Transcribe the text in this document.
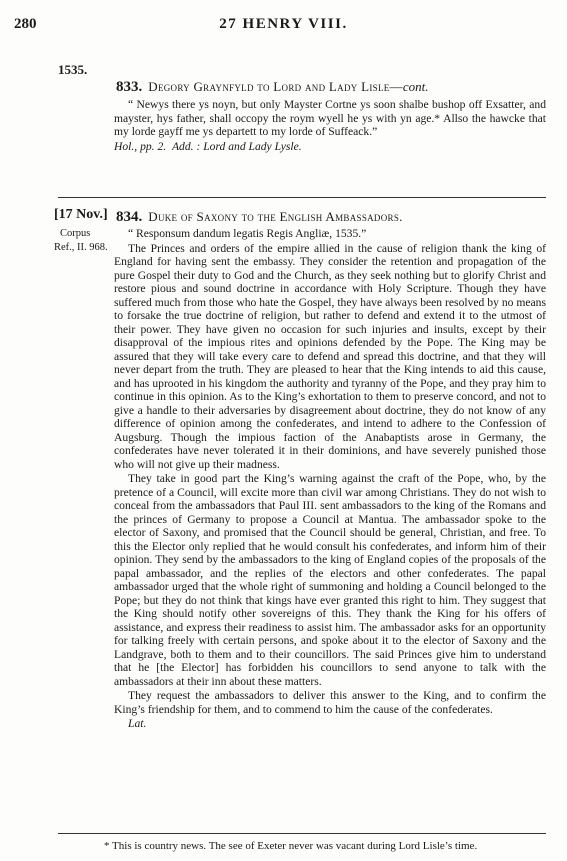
280	27 HENRY VIII.
1535.
833. Degory Graynfyld to Lord and Lady Lisle—cont.

“ Newys there ys noyn, but only Mayster Cortne ys soon shalbe bushop off Exsatter, and mayster, hys father, shall occopy the roym wyell he ys with yn age.* Allso the hawcke that my lorde gayff me ys departett to my lorde of Suffeack.”

Hol., pp. 2. Add. : Lord and Lady Lysle.

[17 Nov.]
Corpus
Ref., II. 968.
834. Duke of Saxony to the English Ambassadors.

“ Responsum dandum legatis Regis Angliæ, 1535.”

The Princes and orders of the empire allied in the cause of religion thank the king of England for having sent the embassy. They consider the retention and propagation of the pure Gospel their duty to God and the Church, as they seek nothing but to glorify Christ and restore pious and sound doctrine in accordance with Holy Scripture. Though they have suffered much from those who hate the Gospel, they have always been resolved by no means to forsake the true doctrine of religion, but rather to defend and extend it to the utmost of their power. They have given no occasion for such injuries and insults, except by their disapproval of the impious rites and opinions defended by the Pope. The King may be assured that they will take every care to defend and spread this doctrine, and that they will never depart from the truth. They are pleased to hear that the King intends to aid this cause, and has uprooted in his kingdom the authority and tyranny of the Pope, and they pray him to continue in this opinion. As to the King’s exhortation to them to preserve concord, and not to give a handle to their adversaries by disagreement about doctrine, they do not know of any difference of opinion among the confederates, and intend to adhere to the Confession of Augsburg. Though the impious faction of the Anabaptists arose in Germany, the confederates have never tolerated it in their dominions, and have severely punished those who will not give up their madness.

They take in good part the King’s warning against the craft of the Pope, who, by the pretence of a Council, will excite more than civil war among Christians. They do not wish to conceal from the ambassadors that Paul III. sent ambassadors to the king of the Romans and the princes of Germany to propose a Council at Mantua. The ambassador spoke to the elector of Saxony, and promised that the Council should be general, Christian, and free. To this the Elector only replied that he would consult his confederates, and inform him of their opinion. They send by the ambassadors to the king of England copies of the proposals of the papal ambassador, and the replies of the electors and other confederates. The papal ambassador urged that the whole right of summoning and holding a Council belonged to the Pope; but they do not think that kings have ever granted this right to him. They suggest that the King should notify other sovereigns of this. They thank the King for his offers of assistance, and express their readiness to assist him. The ambassador asks for an opportunity for talking freely with certain persons, and spoke about it to the elector of Saxony and the Landgrave, both to them and to their councillors. The said Princes give him to understand that he [the Elector] has forbidden his councillors to send anyone to talk with the ambassadors at their inn about these matters.

They request the ambassadors to deliver this answer to the King, and to confirm the King’s friendship for them, and to commend to him the cause of the confederates.

Lat.

* This is country news. The see of Exeter never was vacant during Lord Lisle’s time.
